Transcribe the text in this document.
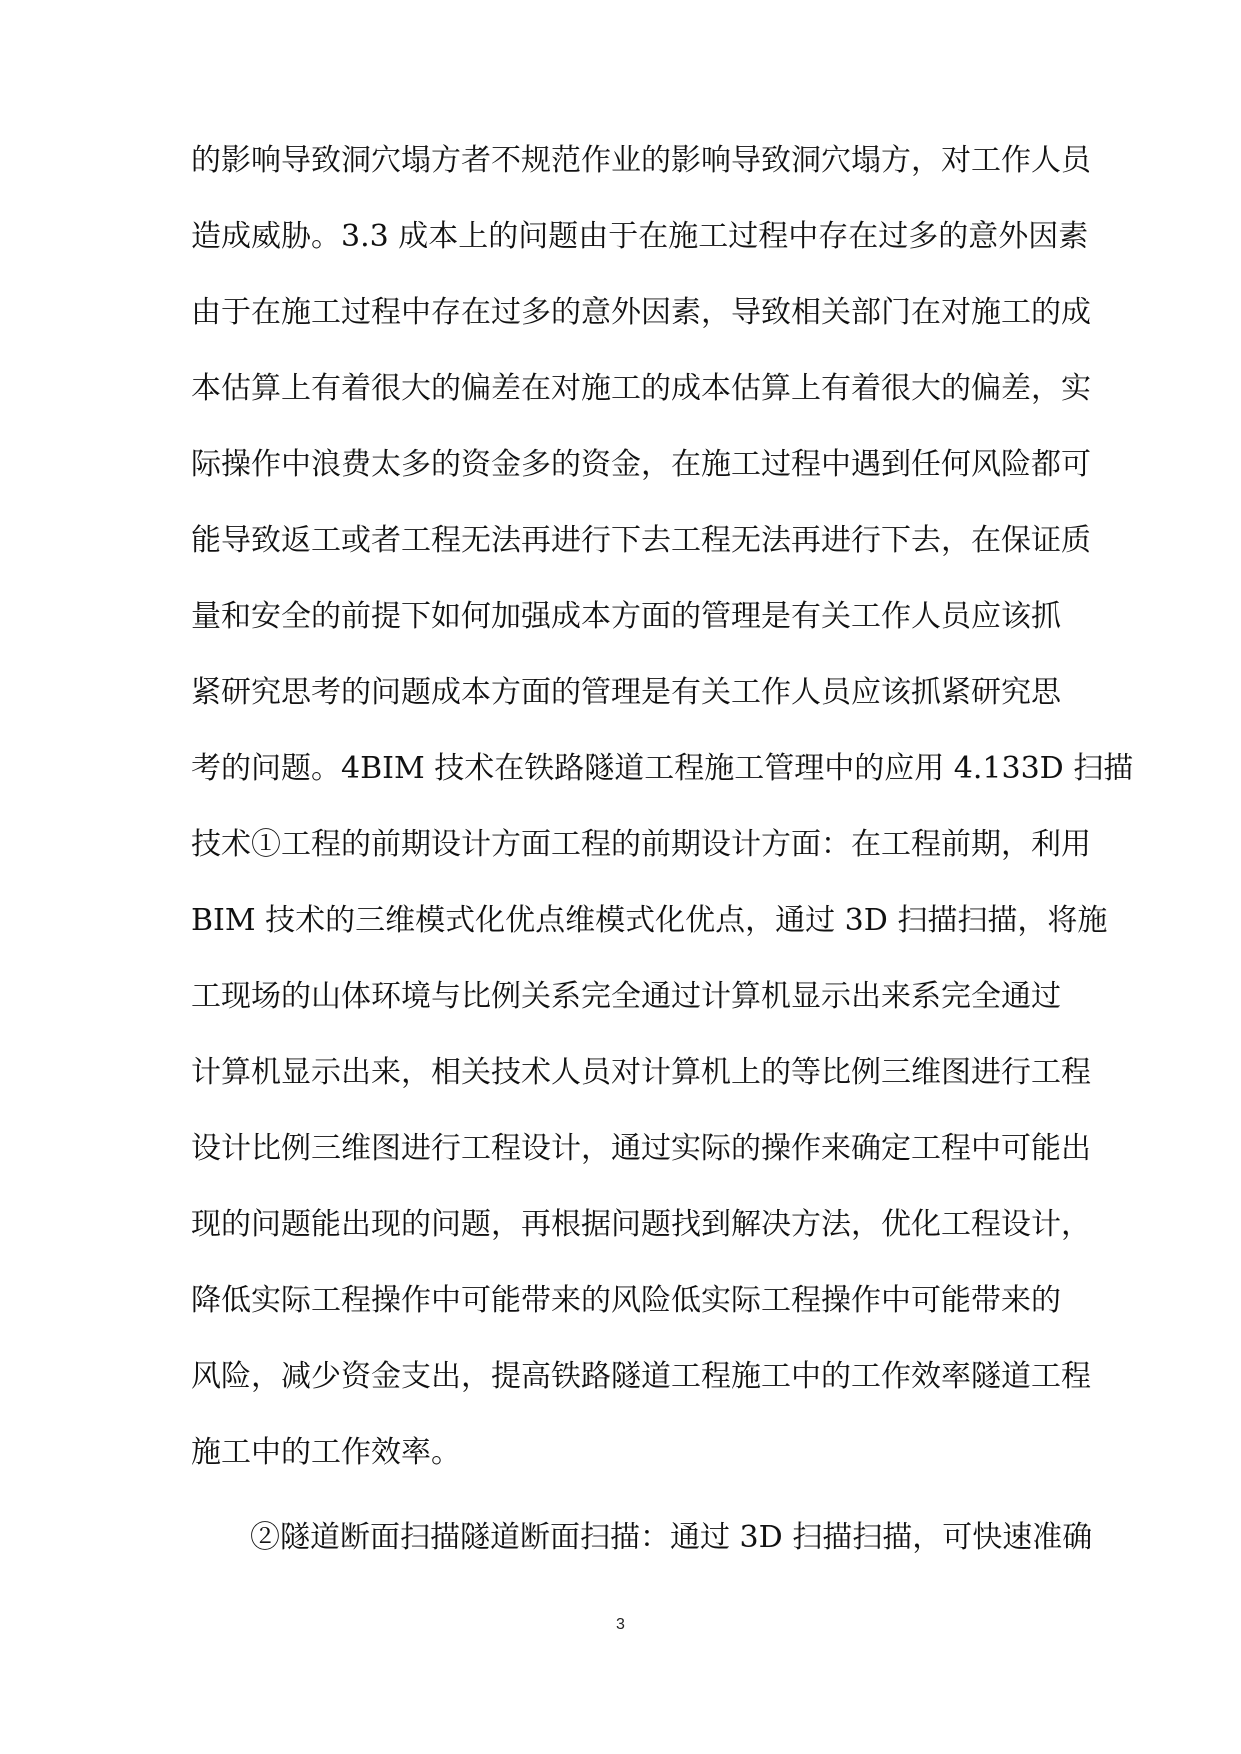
的影响导致洞穴塌方者不规范作业的影响导致洞穴塌方，对工作人员
造成威胁。3.3 成本上的问题由于在施工过程中存在过多的意外因素
由于在施工过程中存在过多的意外因素，导致相关部门在对施工的成
本估算上有着很大的偏差在对施工的成本估算上有着很大的偏差，实
际操作中浪费太多的资金多的资金，在施工过程中遇到任何风险都可
能导致返工或者工程无法再进行下去工程无法再进行下去，在保证质
量和安全的前提下如何加强成本方面的管理是有关工作人员应该抓
紧研究思考的问题成本方面的管理是有关工作人员应该抓紧研究思
考的问题。4BIM 技术在铁路隧道工程施工管理中的应用 4.133D 扫描
技术①工程的前期设计方面工程的前期设计方面：在工程前期，利用
BIM 技术的三维模式化优点维模式化优点，通过 3D 扫描扫描，将施
工现场的山体环境与比例关系完全通过计算机显示出来系完全通过
计算机显示出来，相关技术人员对计算机上的等比例三维图进行工程
设计比例三维图进行工程设计，通过实际的操作来确定工程中可能出
现的问题能出现的问题，再根据问题找到解决方法，优化工程设计，
降低实际工程操作中可能带来的风险低实际工程操作中可能带来的
风险，减少资金支出，提高铁路隧道工程施工中的工作效率隧道工程
施工中的工作效率。
②隧道断面扫描隧道断面扫描：通过 3D 扫描扫描，可快速准确
3
